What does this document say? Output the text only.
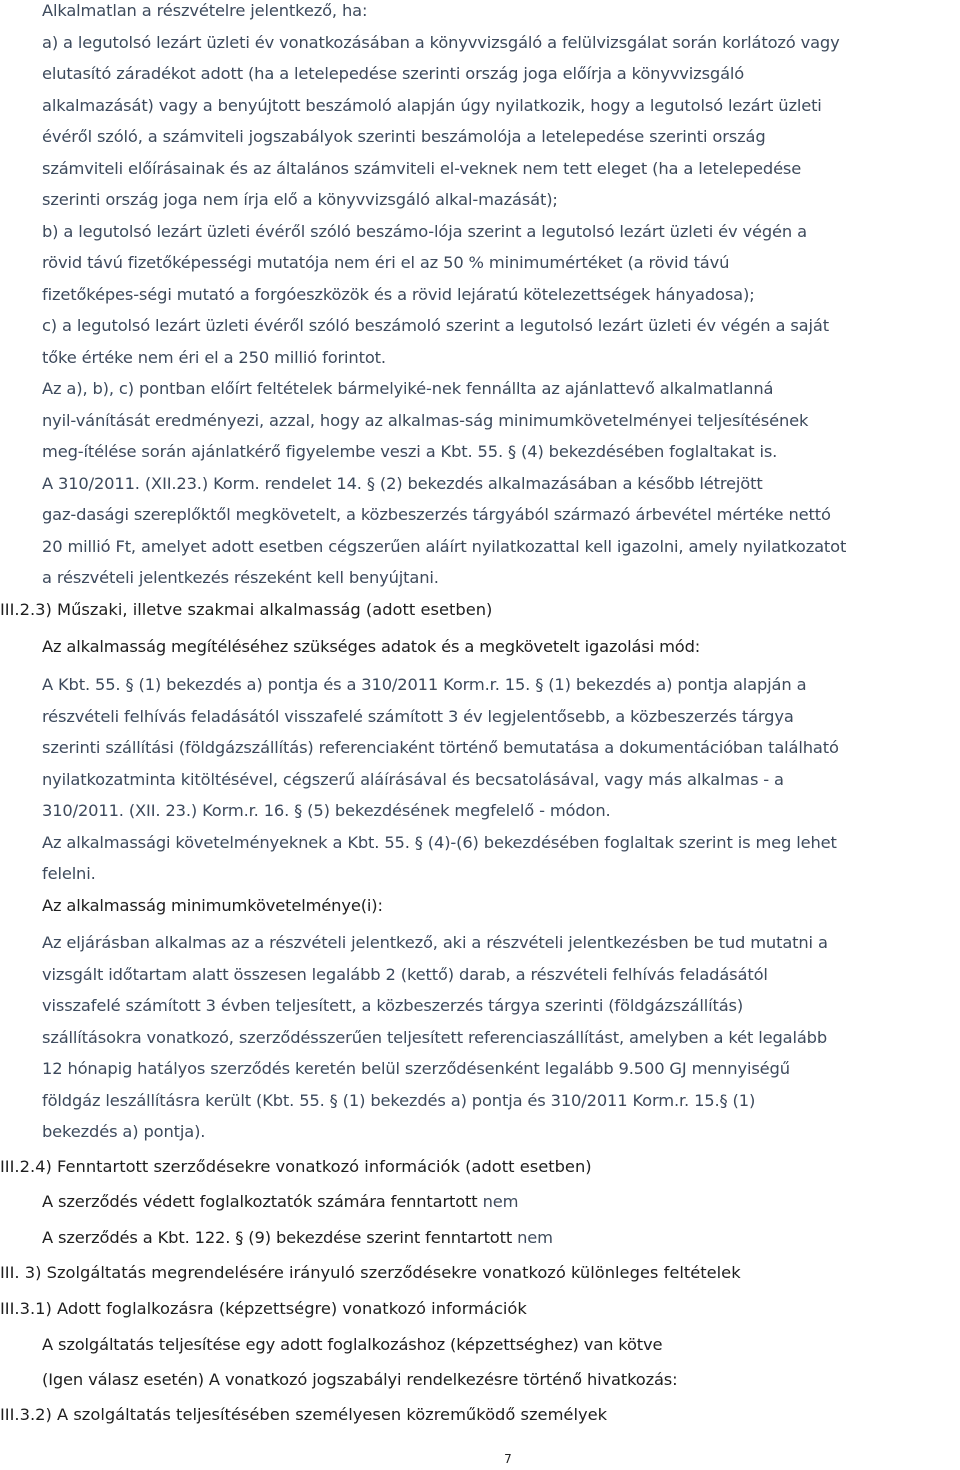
Alkalmatlan a részvételre jelentkező, ha:
a) a legutolsó lezárt üzleti év vonatkozásában a könyvvizsgáló a felülvizsgálat során korlátozó vagy
elutasító záradékot adott (ha a letelepedése szerinti ország joga előírja a könyvvizsgáló
alkalmazását) vagy a benyújtott beszámoló alapján úgy nyilatkozik, hogy a legutolsó lezárt üzleti
évéről szóló, a számviteli jogszabályok szerinti beszámolója a letelepedése szerinti ország
számviteli előírásainak és az általános számviteli el-veknek nem tett eleget (ha a letelepedése
szerinti ország joga nem írja elő a könyvvizsgáló alkal-mazását);
b) a legutolsó lezárt üzleti évéről szóló beszámo-lója szerint a legutolsó lezárt üzleti év végén a
rövid távú fizetőképességi mutatója nem éri el az 50 % minimumértéket (a rövid távú
fizetőképes-ségi mutató a forgóeszközök és a rövid lejáratú kötelezettségek hányadosa);
c) a legutolsó lezárt üzleti évéről szóló beszámoló szerint a legutolsó lezárt üzleti év végén a saját
tőke értéke nem éri el a 250 millió forintot.
Az a), b), c) pontban előírt feltételek bármelyiké-nek fennállta az ajánlattevő alkalmatlanná
nyil-vánítását eredményezi, azzal, hogy az alkalmas-ság minimumkövetelményei teljesítésének
meg-ítélése során ajánlatkérő figyelembe veszi a Kbt. 55. § (4) bekezdésében foglaltakat is.
A 310/2011. (XII.23.) Korm. rendelet 14. § (2) bekezdés alkalmazásában a később létrejött
gaz-dasági szereplőktől megkövetelt, a közbeszerzés tárgyából származó árbevétel mértéke nettó
20 millió Ft, amelyet adott esetben cégszerűen aláírt nyilatkozattal kell igazolni, amely nyilatkozatot
a részvételi jelentkezés részeként kell benyújtani.
III.2.3) Műszaki, illetve szakmai alkalmasság (adott esetben)
Az alkalmasság megítéléséhez szükséges adatok és a megkövetelt igazolási mód:
A Kbt. 55. § (1) bekezdés a) pontja és a 310/2011 Korm.r. 15. § (1) bekezdés a) pontja alapján a
részvételi felhívás feladásától visszafelé számított 3 év legjelentősebb, a közbeszerzés tárgya
szerinti szállítási (földgázszállítás) referenciaként történő bemutatása a dokumentációban található
nyilatkozatminta kitöltésével, cégszerű aláírásával és becsatolásával, vagy más alkalmas - a
310/2011. (XII. 23.) Korm.r. 16. § (5) bekezdésének megfelelő - módon.
Az alkalmassági követelményeknek a Kbt. 55. § (4)-(6) bekezdésében foglaltak szerint is meg lehet
felelni.
Az alkalmasság minimumkövetelménye(i):
Az eljárásban alkalmas az a részvételi jelentkező, aki a részvételi jelentkezésben be tud mutatni a
vizsgált időtartam alatt összesen legalább 2 (kettő) darab, a részvételi felhívás feladásától
visszafelé számított 3 évben teljesített, a közbeszerzés tárgya szerinti (földgázszállítás)
szállításokra vonatkozó, szerződésszerűen teljesített referenciaszállítást, amelyben a két legalább
12 hónapig hatályos szerződés keretén belül szerződésenként legalább 9.500 GJ mennyiségű
földgáz leszállításra került (Kbt. 55. § (1) bekezdés a) pontja és 310/2011 Korm.r. 15.§ (1)
bekezdés a) pontja).
III.2.4) Fenntartott szerződésekre vonatkozó információk (adott esetben)
A szerződés védett foglalkoztatók számára fenntartott nem
A szerződés a Kbt. 122. § (9) bekezdése szerint fenntartott nem
III. 3) Szolgáltatás megrendelésére irányuló szerződésekre vonatkozó különleges feltételek
III.3.1) Adott foglalkozásra (képzettségre) vonatkozó információk
A szolgáltatás teljesítése egy adott foglalkozáshoz (képzettséghez) van kötve
(Igen válasz esetén) A vonatkozó jogszabályi rendelkezésre történő hivatkozás:
III.3.2) A szolgáltatás teljesítésében személyesen közreműködő személyek
7
